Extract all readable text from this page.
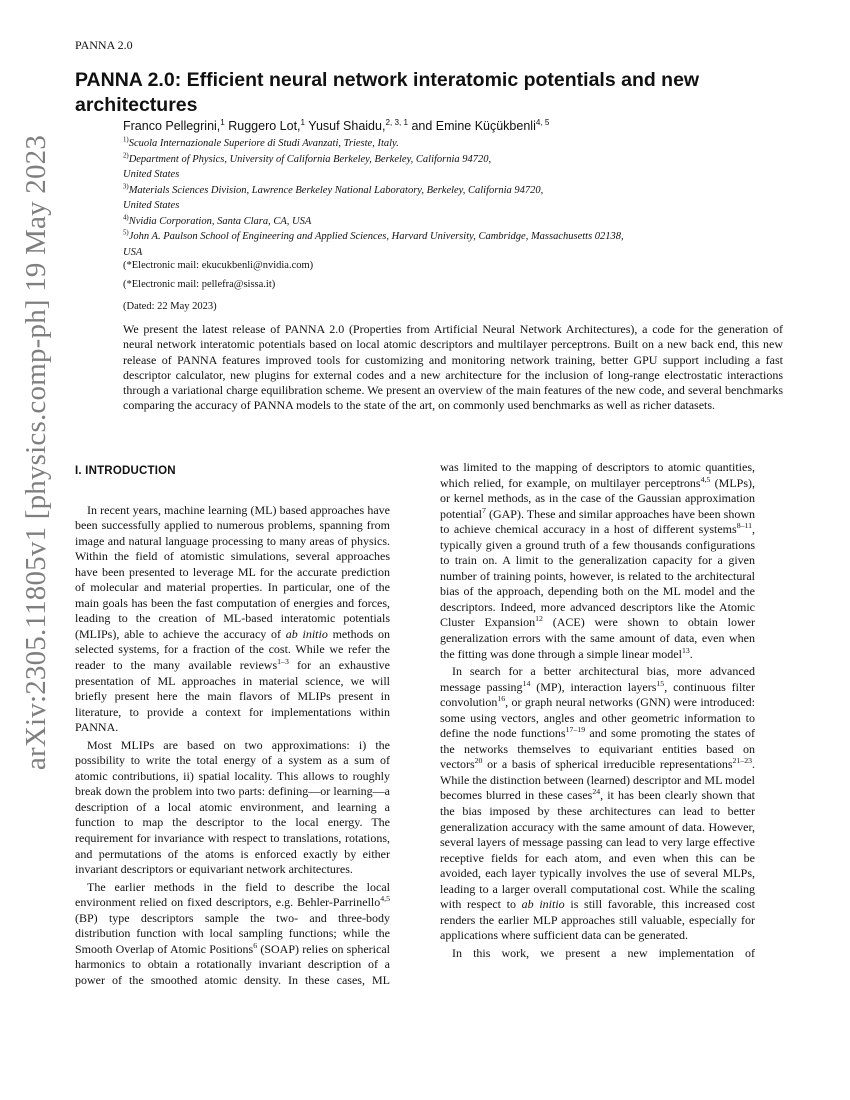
PANNA 2.0
arXiv:2305.11805v1 [physics.comp-ph] 19 May 2023
PANNA 2.0: Efficient neural network interatomic potentials and new architectures
Franco Pellegrini,$^1$ Ruggero Lot,$^1$ Yusuf Shaidu,$^{2, 3, 1}$ and Emine Küçükbenli$^{4, 5}$

$^{1)}$Scuola Internazionale Superiore di Studi Avanzati, Trieste, Italy.

$^{2)}$Department of Physics, University of California Berkeley, Berkeley, California 94720,
United States

$^{3)}$Materials Sciences Division, Lawrence Berkeley National Laboratory, Berkeley, California 94720,
United States

$^{4)}$Nvidia Corporation, Santa Clara, CA, USA

$^{5)}$John A. Paulson School of Engineering and Applied Sciences, Harvard University, Cambridge, Massachusetts 02138,
USA

(*Electronic mail: ekucukbenli@nvidia.com)
(*Electronic mail: pellefra@sissa.it)
(Dated: 22 May 2023)

We present the latest release of PANNA 2.0 (Properties from Artificial Neural Network Architectures), a code for the generation of neural network interatomic potentials based on local atomic descriptors and multilayer perceptrons. Built on a new back end, this new release of PANNA features improved tools for customizing and monitoring network training, better GPU support including a fast descriptor calculator, new plugins for external codes and a new architecture for the inclusion of long-range electrostatic interactions through a variational charge equilibration scheme. We present an overview of the main features of the new code, and several benchmarks comparing the accuracy of PANNA models to the state of the art, on commonly used benchmarks as well as richer datasets.

I. INTRODUCTION

In recent years, machine learning (ML) based approaches have been successfully applied to numerous problems, spanning from image and natural language processing to many areas of physics. Within the field of atomistic simulations, several approaches have been presented to leverage ML for the accurate prediction of molecular and material properties. In particular, one of the main goals has been the fast computation of energies and forces, leading to the creation of ML-based interatomic potentials (MLIPs), able to achieve the accuracy of ab initio methods on selected systems, for a fraction of the cost. While we refer the reader to the many available reviews$^{1-3}$ for an exhaustive presentation of ML approaches in material science, we will briefly present here the main flavors of MLIPs present in literature, to provide a context for implementations within PANNA.

Most MLIPs are based on two approximations: i) the possibility to write the total energy of a system as a sum of atomic contributions, ii) spatial locality. This allows to roughly break down the problem into two parts: defining—or learning—a description of a local atomic environment, and learning a function to map the descriptor to the local energy. The requirement for invariance with respect to translations, rotations, and permutations of the atoms is enforced exactly by either invariant descriptors or equivariant network architectures.

The earlier methods in the field to describe the local environment relied on fixed descriptors, e.g. Behler-Parrinello$^{4,5}$ (BP) type descriptors sample the two- and three-body distribution function with local sampling functions; while the Smooth Overlap of Atomic Positions$^6$ (SOAP) relies on spherical harmonics to obtain a rotationally invariant description of a power of the smoothed atomic density. In these cases, ML

was limited to the mapping of descriptors to atomic quantities, which relied, for example, on multilayer perceptrons$^{4,5}$ (MLPs), or kernel methods, as in the case of the Gaussian approximation potential$^7$ (GAP). These and similar approaches have been shown to achieve chemical accuracy in a host of different systems$^{8-11}$, typically given a ground truth of a few thousands configurations to train on. A limit to the generalization capacity for a given number of training points, however, is related to the architectural bias of the approach, depending both on the ML model and the descriptors. Indeed, more advanced descriptors like the Atomic Cluster Expansion$^{12}$ (ACE) were shown to obtain lower generalization errors with the same amount of data, even when the fitting was done through a simple linear model$^{13}$.

In search for a better architectural bias, more advanced message passing$^{14}$ (MP), interaction layers$^{15}$, continuous filter convolution$^{16}$, or graph neural networks (GNN) were introduced: some using vectors, angles and other geometric information to define the node functions$^{17-19}$ and some promoting the states of the networks themselves to equivariant entities based on vectors$^{20}$ or a basis of spherical irreducible representations$^{21-23}$. While the distinction between (learned) descriptor and ML model becomes blurred in these cases$^{24}$, it has been clearly shown that the bias imposed by these architectures can lead to better generalization accuracy with the same amount of data. However, several layers of message passing can lead to very large effective receptive fields for each atom, and even when this can be avoided, each layer typically involves the use of several MLPs, leading to a larger overall computational cost. While the scaling with respect to ab initio is still favorable, this increased cost renders the earlier MLP approaches still valuable, especially for applications where sufficient data can be generated.

In this work, we present a new implementation of
